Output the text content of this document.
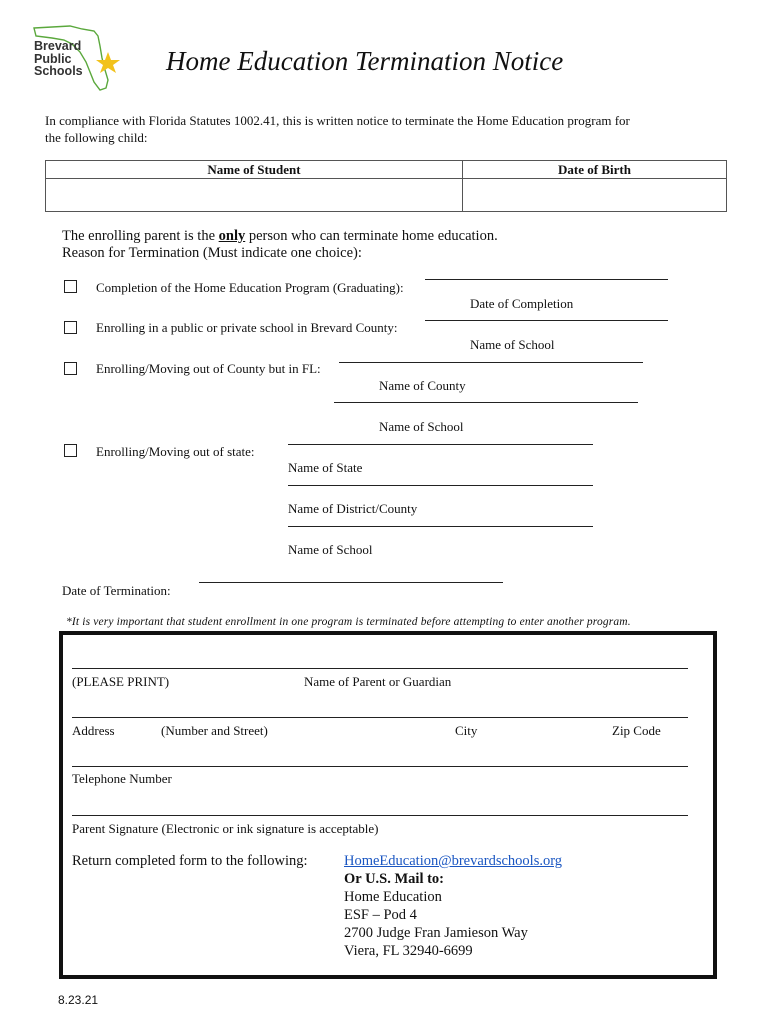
Brevard
Public
Schools	Home Education Termination Notice
In compliance with Florida Statutes 1002.41, this is written notice to terminate the Home Education program for
the following child:
Name of Student	Date of Birth

The enrolling parent is the only person who can terminate home education.
Reason for Termination (Must indicate one choice):
Completion of the Home Education Program (Graduating):
Date of Completion
Enrolling in a public or private school in Brevard County:
Name of School
Enrolling/Moving out of County but in FL:
Name of County
Name of School
Enrolling/Moving out of state:
Name of State
Name of District/County
Name of School
Date of Termination:
*It is very important that student enrollment in one program is terminated before attempting to enter another program.
(PLEASE PRINT)	Name of Parent or Guardian
Address	(Number and Street)	City	Zip Code
Telephone Number
Parent Signature (Electronic or ink signature is acceptable)
Return completed form to the following:	HomeEducation@brevardschools.org
Or U.S. Mail to:
Home Education
ESF – Pod 4
2700 Judge Fran Jamieson Way
Viera, FL 32940-6699
8.23.21
